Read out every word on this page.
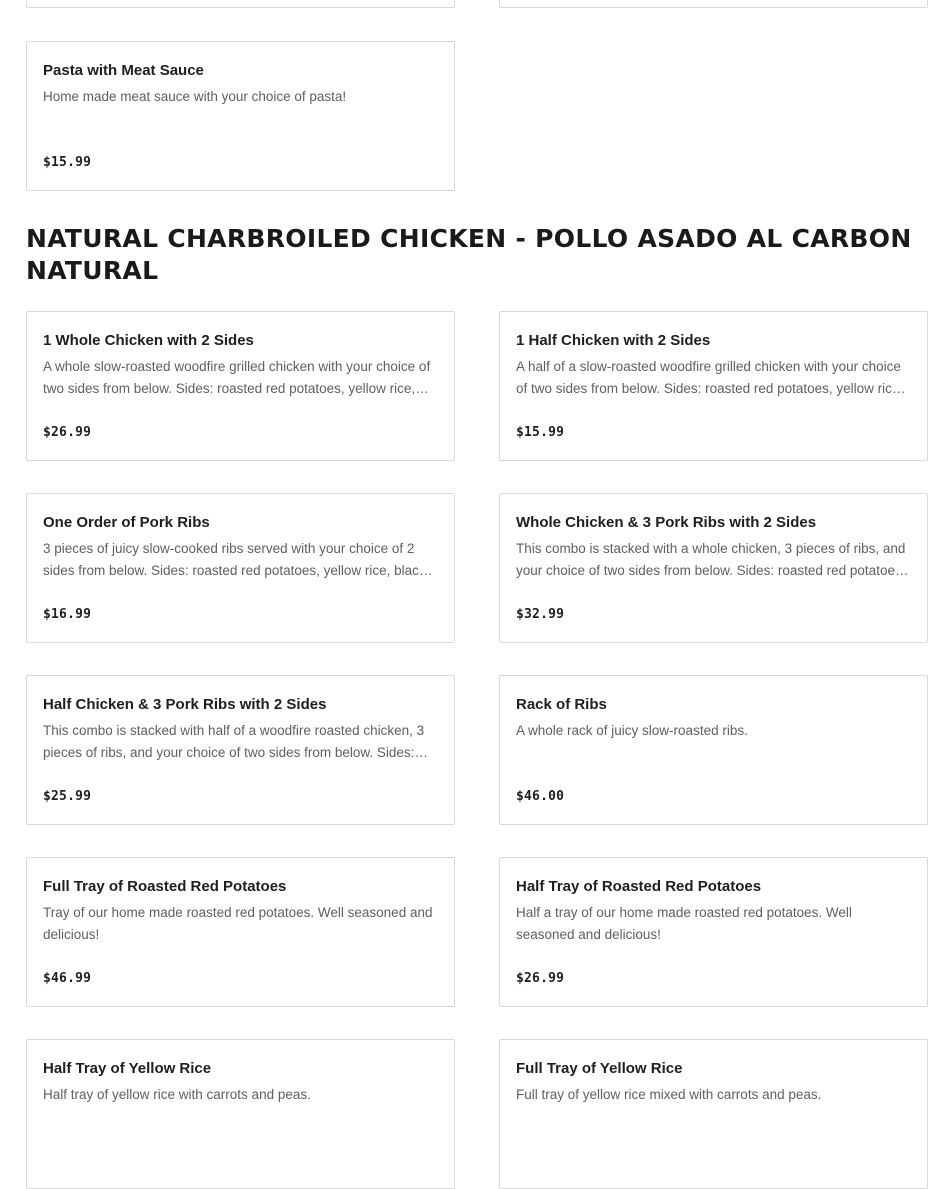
Pasta with Meat Sauce

Home made meat sauce with your choice of pasta!

$15.99
NATURAL CHARBROILED CHICKEN - POLLO ASADO AL CARBON NATURAL
1 Whole Chicken with 2 Sides

A whole slow-roasted woodfire grilled chicken with your choice of two sides from below. Sides: roasted red potatoes, yellow rice,

$26.99
1 Half Chicken with 2 Sides

A half of a slow-roasted woodfire grilled chicken with your choice of two sides from below. Sides: roasted red potatoes, yellow rice,

$15.99
One Order of Pork Ribs

3 pieces of juicy slow-cooked ribs served with your choice of 2 sides from below. Sides: roasted red potatoes, yellow rice, black

$16.99
Whole Chicken & 3 Pork Ribs with 2 Sides

This combo is stacked with a whole chicken, 3 pieces of ribs, and your choice of two sides from below. Sides: roasted red potatoes,

$32.99
Half Chicken & 3 Pork Ribs with 2 Sides

This combo is stacked with half of a woodfire roasted chicken, 3 pieces of ribs, and your choice of two sides from below. Sides:

$25.99
Rack of Ribs

A whole rack of juicy slow-roasted ribs.

$46.00
Full Tray of Roasted Red Potatoes

Tray of our home made roasted red potatoes. Well seasoned and delicious!

$46.99
Half Tray of Roasted Red Potatoes

Half a tray of our home made roasted red potatoes. Well seasoned and delicious!

$26.99
Half Tray of Yellow Rice

Half tray of yellow rice with carrots and peas.

Full Tray of Yellow Rice

Full tray of yellow rice mixed with carrots and peas.
